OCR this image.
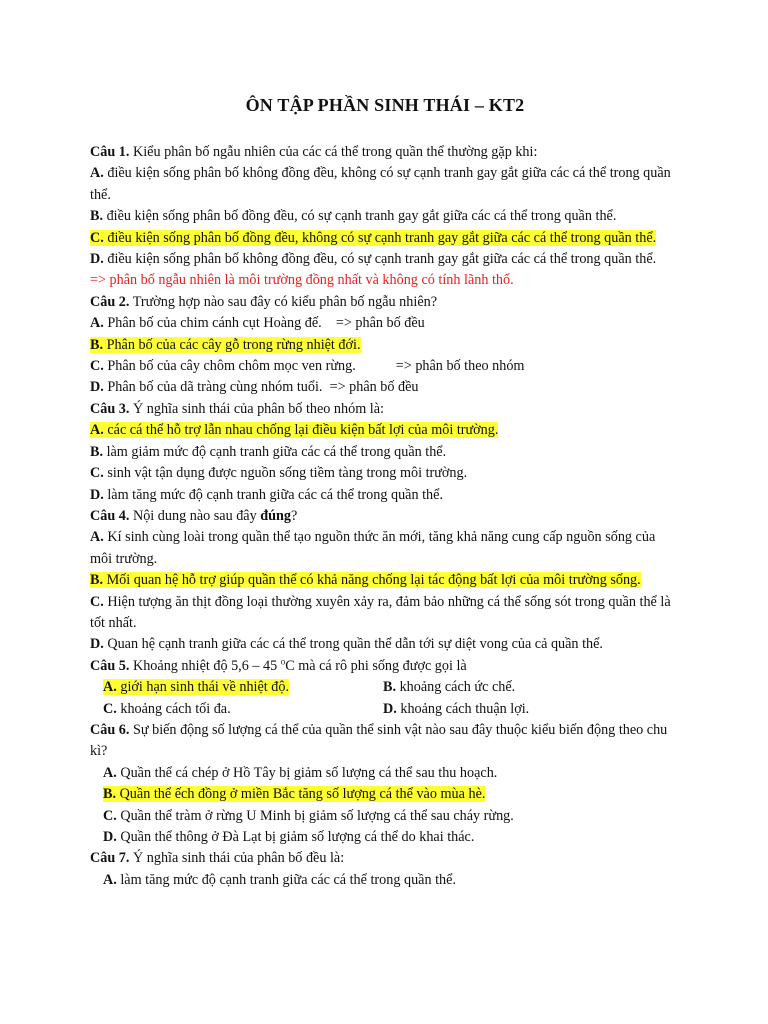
ÔN TẬP PHẦN SINH THÁI – KT2

Câu 1. Kiểu phân bố ngẫu nhiên của các cá thể trong quần thể thường gặp khi:

A. điều kiện sống phân bố không đồng đều, không có sự cạnh tranh gay gắt giữa các cá thể trong quần thể.

B. điều kiện sống phân bố đồng đều, có sự cạnh tranh gay gắt giữa các cá thể trong quần thể.

C. điều kiện sống phân bố đồng đều, không có sự cạnh tranh gay gắt giữa các cá thể trong quần thể.

D. điều kiện sống phân bố không đồng đều, có sự cạnh tranh gay gắt giữa các cá thể trong quần thể.

=> phân bố ngẫu nhiên là môi trường đồng nhất và không có tính lãnh thổ.

Câu 2. Trường hợp nào sau đây có kiểu phân bố ngẫu nhiên?

A. Phân bố của chim cánh cụt Hoàng đế. => phân bố đều

B. Phân bố của các cây gỗ trong rừng nhiệt đới.

C. Phân bố của cây chôm chôm mọc ven rừng.	=> phân bố theo nhóm

D. Phân bố của dã tràng cùng nhóm tuổi. => phân bố đều

Câu 3. Ý nghĩa sinh thái của phân bố theo nhóm là:

A. các cá thể hỗ trợ lẫn nhau chống lại điều kiện bất lợi của môi trường.

B. làm giảm mức độ cạnh tranh giữa các cá thể trong quần thể.

C. sinh vật tận dụng được nguồn sống tiềm tàng trong môi trường.

D. làm tăng mức độ cạnh tranh giữa các cá thể trong quần thể.

Câu 4. Nội dung nào sau đây đúng?

A. Kí sinh cùng loài trong quần thể tạo nguồn thức ăn mới, tăng khả năng cung cấp nguồn sống của môi trường.

B. Mối quan hệ hỗ trợ giúp quần thể có khả năng chống lại tác động bất lợi của môi trường sống.

C. Hiện tượng ăn thịt đồng loại thường xuyên xảy ra, đảm bảo những cá thể sống sót trong quần thể là tốt nhất.

D. Quan hệ cạnh tranh giữa các cá thể trong quần thể dẫn tới sự diệt vong của cả quần thể.

Câu 5. Khoảng nhiệt độ 5,6 – 45 $^o$C mà cá rô phi sống được gọi là

A. giới hạn sinh thái về nhiệt độ.	B. khoảng cách ức chế.
C. khoảng cách tối đa.	D. khoảng cách thuận lợi.

Câu 6. Sự biến động số lượng cá thể của quần thể sinh vật nào sau đây thuộc kiểu biến động theo chu kì?

A. Quần thể cá chép ở Hồ Tây bị giảm số lượng cá thể sau thu hoạch.

B. Quần thể ếch đồng ở miền Bắc tăng số lượng cá thể vào mùa hè.

C. Quần thể tràm ở rừng U Minh bị giảm số lượng cá thể sau cháy rừng.

D. Quần thể thông ở Đà Lạt bị giảm số lượng cá thể do khai thác.

Câu 7. Ý nghĩa sinh thái của phân bố đều là:

A. làm tăng mức độ cạnh tranh giữa các cá thể trong quần thể.
